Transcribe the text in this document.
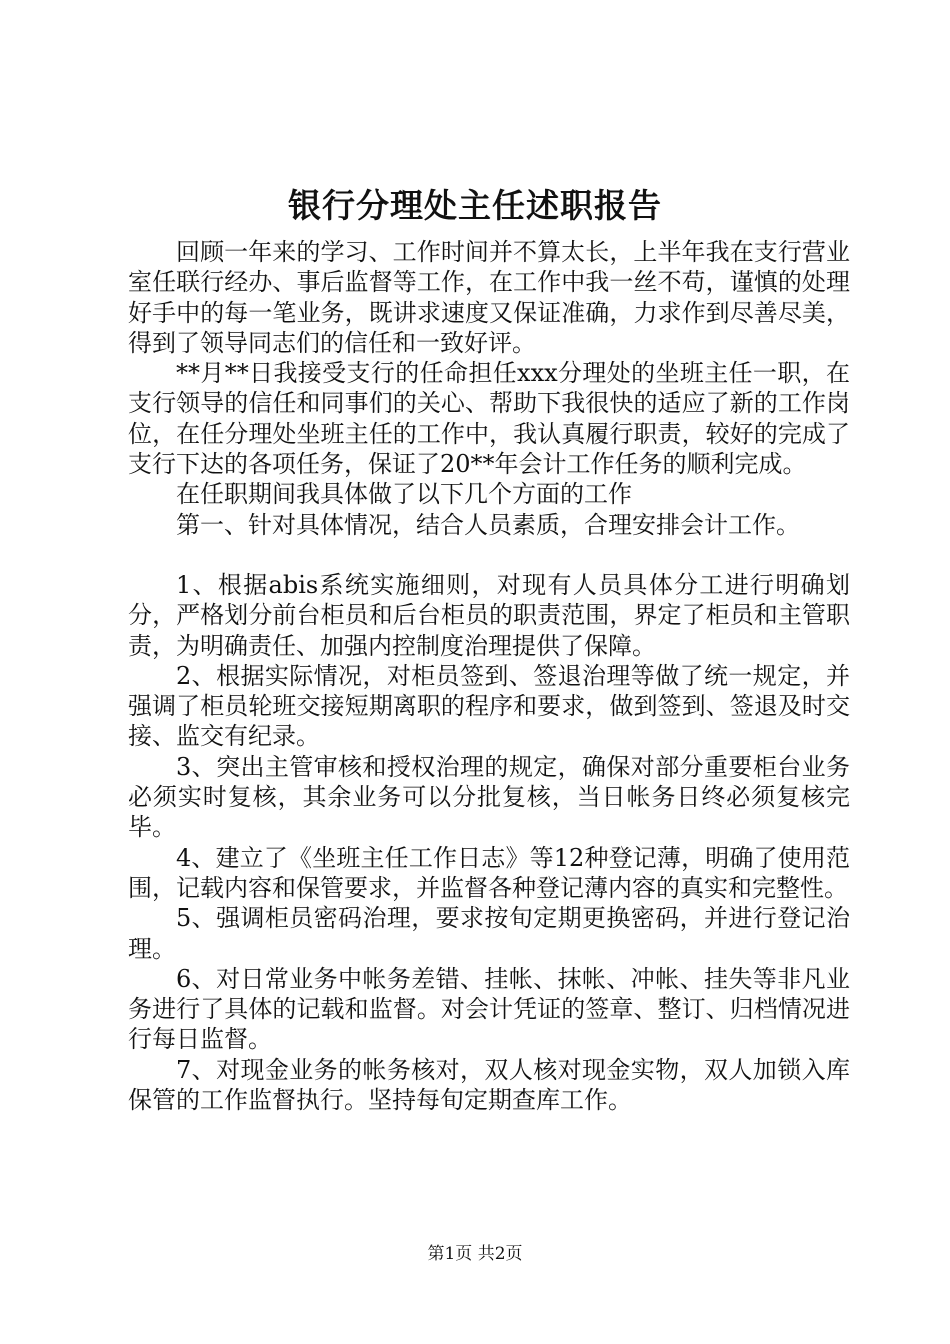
银行分理处主任述职报告

回顾一年来的学习、工作时间并不算太长，上半年我在支行营业室任联行经办、事后监督等工作，在工作中我一丝不苟，谨慎的处理好手中的每一笔业务，既讲求速度又保证准确，力求作到尽善尽美，得到了领导同志们的信任和一致好评。

**月**日我接受支行的任命担任xxx分理处的坐班主任一职，在支行领导的信任和同事们的关心、帮助下我很快的适应了新的工作岗位，在任分理处坐班主任的工作中，我认真履行职责，较好的完成了支行下达的各项任务，保证了20**年会计工作任务的顺利完成。

在任职期间我具体做了以下几个方面的工作

第一、针对具体情况，结合人员素质，合理安排会计工作。

1、根据abis系统实施细则，对现有人员具体分工进行明确划分，严格划分前台柜员和后台柜员的职责范围，界定了柜员和主管职责，为明确责任、加强内控制度治理提供了保障。

2、根据实际情况，对柜员签到、签退治理等做了统一规定，并强调了柜员轮班交接短期离职的程序和要求，做到签到、签退及时交接、监交有纪录。

3、突出主管审核和授权治理的规定，确保对部分重要柜台业务必须实时复核，其余业务可以分批复核，当日帐务日终必须复核完毕。

4、建立了《坐班主任工作日志》等12种登记薄，明确了使用范围，记载内容和保管要求，并监督各种登记薄内容的真实和完整性。

5、强调柜员密码治理，要求按旬定期更换密码，并进行登记治理。

6、对日常业务中帐务差错、挂帐、抹帐、冲帐、挂失等非凡业务进行了具体的记载和监督。对会计凭证的签章、整订、归档情况进行每日监督。

7、对现金业务的帐务核对，双人核对现金实物，双人加锁入库保管的工作监督执行。坚持每旬定期查库工作。

第1页 共2页
